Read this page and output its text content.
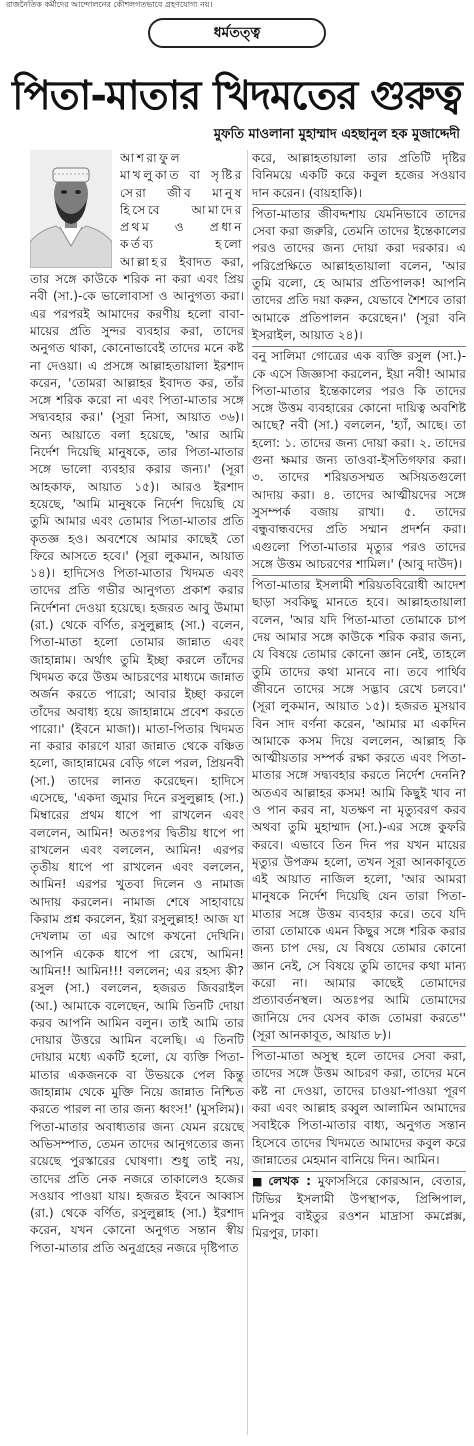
রাজনৈতিক কর্মীদের আন্দোলনের কৌশলগতভাবে গ্রহণযোগ্য নয়।
ধর্মতত্ত্ব
পিতা-মাতার খিদমতের গুরুত্ব
মুফতি মাওলানা মুহাম্মাদ এহছানুল হক মুজাদ্দেদী
আশরাফুল মাখলুকাত বা সৃষ্টির সেরা জীব মানুষ হিসেবে আমাদের প্রথম ও প্রধান কর্তব্য হলো আল্লাহর ইবাদত করা, তার সঙ্গে কাউকে শরিক না করা এবং প্রিয় নবী (সা.)-কে ভালোবাসা ও আনুগত্য করা। এর পরপরই আমাদের করণীয় হলো বাবা-মায়ের প্রতি সুন্দর ব্যবহার করা, তাদের অনুগত থাকা, কোনোভাবেই তাদের মনে কষ্ট না দেওয়া। এ প্রসঙ্গে আল্লাহতায়ালা ইরশাদ করেন, 'তোমরা আল্লাহর ইবাদত কর, তাঁর সঙ্গে শরিক করো না এবং পিতা-মাতার সঙ্গে সদ্ব্যবহার কর।' (সূরা নিসা, আয়াত ৩৬)। অন্য আয়াতে বলা হয়েছে, 'আর আমি নির্দেশ দিয়েছি মানুষকে, তার পিতা-মাতার সঙ্গে ভালো ব্যবহার করার জন্য।' (সূরা আহকাফ, আয়াত ১৫)। আরও ইরশাদ হয়েছে, 'আমি মানুষকে নির্দেশ দিয়েছি যে তুমি আমার এবং তোমার পিতা-মাতার প্রতি কৃতজ্ঞ হও। অবশেষে আমার কাছেই তো ফিরে আসতে হবে।' (সূরা লুকমান, আয়াত ১৪)। হাদিসেও পিতা-মাতার খিদমত এবং তাদের প্রতি গভীর আনুগত্য প্রকাশ করার নির্দেশনা দেওয়া হয়েছে। হজরত আবু উমামা (রা.) থেকে বর্ণিত, রসুলুল্লাহ (সা.) বলেন, পিতা-মাতা হলো তোমার জান্নাত এবং জাহান্নাম। অর্থাৎ তুমি ইচ্ছা করলে তাঁদের খিদমত করে উত্তম আচরণের মাধ্যমে জান্নাত অর্জন করতে পারো; আবার ইচ্ছা করলে তাঁদের অবাধ্য হয়ে জাহান্নামে প্রবেশ করতে পারো।' (ইবনে মাজা)। মাতা-পিতার খিদমত না করার কারণে যারা জান্নাত থেকে বঞ্চিত হলো, জাহান্নামের বেড়ি গলে পরল, প্রিয়নবী (সা.) তাদের লানত করেছেন। হাদিসে এসেছে, 'একদা জুমার দিনে রসুলুল্লাহ (সা.) মিম্বারের প্রথম ধাপে পা রাখলেন এবং বললেন, আমিন! অতঃপর দ্বিতীয় ধাপে পা রাখলেন এবং বললেন, আমিন! এরপর তৃতীয় ধাপে পা রাখলেন এবং বললেন, আমিন! এরপর খুতবা দিলেন ও নামাজ আদায় করলেন। নামাজ শেষে সাহাবায়ে কিরাম প্রশ্ন করলেন, ইয়া রসুলুল্লাহ! আজ যা দেখলাম তা এর আগে কখনো দেখিনি। আপনি একেক ধাপে পা রেখে, আমিন! আমিন!! আমিন!!! বললেন; এর রহস্য কী? রসুল (সা.) বললেন, হজরত জিবরাইল (আ.) আমাকে বলেছেন, আমি তিনটি দোয়া করব আপনি আমিন বলুন। তাই আমি তার দোয়ার উত্তরে আমিন বলেছি। এ তিনটি দোয়ার মধ্যে একটি হলো, যে ব্যক্তি পিতা-মাতার একজনকে বা উভয়কে পেল কিন্তু জাহান্নাম থেকে মুক্তি নিয়ে জান্নাত নিশ্চিত করতে পারল না তার জন্য ধ্বংস!' (মুসলিম)। পিতা-মাতার অবাধ্যতার জন্য যেমন রয়েছে অভিসম্পাত, তেমন তাদের আনুগত্যের জন্য রয়েছে পুরস্কারের ঘোষণা। শুধু তাই নয়, তাদের প্রতি নেক নজরে তাকালেও হজের সওয়াব পাওয়া যায়। হজরত ইবনে আব্বাস (রা.) থেকে বর্ণিত, রসুলুল্লাহ (সা.) ইরশাদ করেন, যখন কোনো অনুগত সন্তান স্বীয় পিতা-মাতার প্রতি অনুগ্রহের নজরে দৃষ্টিপাত

করে, আল্লাহতায়ালা তার প্রতিটি দৃষ্টির বিনিময়ে একটি করে কবুল হজের সওয়াব দান করেন। (বায়হাকি)।

পিতা-মাতার জীবদ্দশায় যেমনিভাবে তাদের সেবা করা জরুরি, তেমনি তাদের ইন্তেকালের পরও তাদের জন্য দোয়া করা দরকার। এ পরিপ্রেক্ষিতে আল্লাহতায়ালা বলেন, 'আর তুমি বলো, হে আমার প্রতিপালক! আপনি তাদের প্রতি দয়া করুন, যেভাবে শৈশবে তারা আমাকে প্রতিপালন করেছেন।' (সূরা বনি ইসরাইল, আয়াত ২৪)।

বনু সালিমা গোত্রের এক ব্যক্তি রসুল (সা.)-কে এসে জিজ্ঞাসা করলেন, ইয়া নবী! আমার পিতা-মাতার ইন্তেকালের পরও কি তাদের সঙ্গে উত্তম ব্যবহারের কোনো দায়িত্ব অবশিষ্ট আছে? নবী (সা.) বললেন, 'হ্যাঁ, আছে। তা হলো: ১. তাদের জন্য দোয়া করা। ২. তাদের গুনা ক্ষমার জন্য তাওবা-ইসতিগফার করা। ৩. তাদের শরিয়তসম্মত অসিয়তগুলো আদায় করা। ৪. তাদের আত্মীয়দের সঙ্গে সুসম্পর্ক বজায় রাখা। ৫. তাদের বন্ধুবান্ধবদের প্রতি সম্মান প্রদর্শন করা। এগুলো পিতা-মাতার মৃত্যুর পরও তাদের সঙ্গে উত্তম আচরণের শামিল।' (আবু দাউদ)।

পিতা-মাতার ইসলামী শরিয়তবিরোধী আদেশ ছাড়া সবকিছু মানতে হবে। আল্লাহতায়ালা বলেন, 'আর যদি পিতা-মাতা তোমাকে চাপ দেয় আমার সঙ্গে কাউকে শরিক করার জন্য, যে বিষয়ে তোমার কোনো জ্ঞান নেই, তাহলে তুমি তাদের কথা মানবে না। তবে পার্থিব জীবনে তাদের সঙ্গে সদ্ভাব রেখে চলবে।' (সূরা লুকমান, আয়াত ১৫)। হজরত মুসয়াব বিন সাদ বর্ণনা করেন, 'আমার মা একদিন আমাকে কসম দিয়ে বললেন, আল্লাহ কি আত্মীয়তার সম্পর্ক রক্ষা করতে এবং পিতা-মাতার সঙ্গে সদ্ব্যবহার করতে নির্দেশ দেননি? অতএব আল্লাহর কসম! আমি কিছুই খাব না ও পান করব না, যতক্ষণ না মৃত্যুবরণ করব অথবা তুমি মুহাম্মাদ (সা.)-এর সঙ্গে কুফরি করবে। এভাবে তিন দিন পর যখন মায়ের মৃত্যুর উপক্রম হলো, তখন সূরা আনকাবূতে এই আয়াত নাজিল হলো, 'আর আমরা মানুষকে নির্দেশ দিয়েছি যেন তারা পিতা-মাতার সঙ্গে উত্তম ব্যবহার করে। তবে যদি তারা তোমাকে এমন কিছুর সঙ্গে শরিক করার জন্য চাপ দেয়, যে বিষয়ে তোমার কোনো জ্ঞান নেই, সে বিষয়ে তুমি তাদের কথা মান্য করো না। আমার কাছেই তোমাদের প্রত্যাবর্তনস্থল। অতঃপর আমি তোমাদের জানিয়ে দেব যেসব কাজ তোমরা করতে'' (সূরা আনকাবূত, আয়াত ৮)।

পিতা-মাতা অসুস্থ হলে তাদের সেবা করা, তাদের সঙ্গে উত্তম আচরণ করা, তাদের মনে কষ্ট না দেওয়া, তাদের চাওয়া-পাওয়া পূরণ করা এবং আল্লাহ রব্বুল আলামিন আমাদের সবাইকে পিতা-মাতার বাধ্য, অনুগত সন্তান হিসেবে তাদের খিদমতে আমাদের কবুল করে জান্নাতের মেহমান বানিয়ে দিন। আমিন।

■ লেখক : মুফাসসিরে কোরআন, বেতার, টিভির ইসলামী উপস্থাপক, প্রিন্সিপাল, মনিপুর বাইতুর রওশন মাদ্রাসা কমপ্লেক্স, মিরপুর, ঢাকা।
